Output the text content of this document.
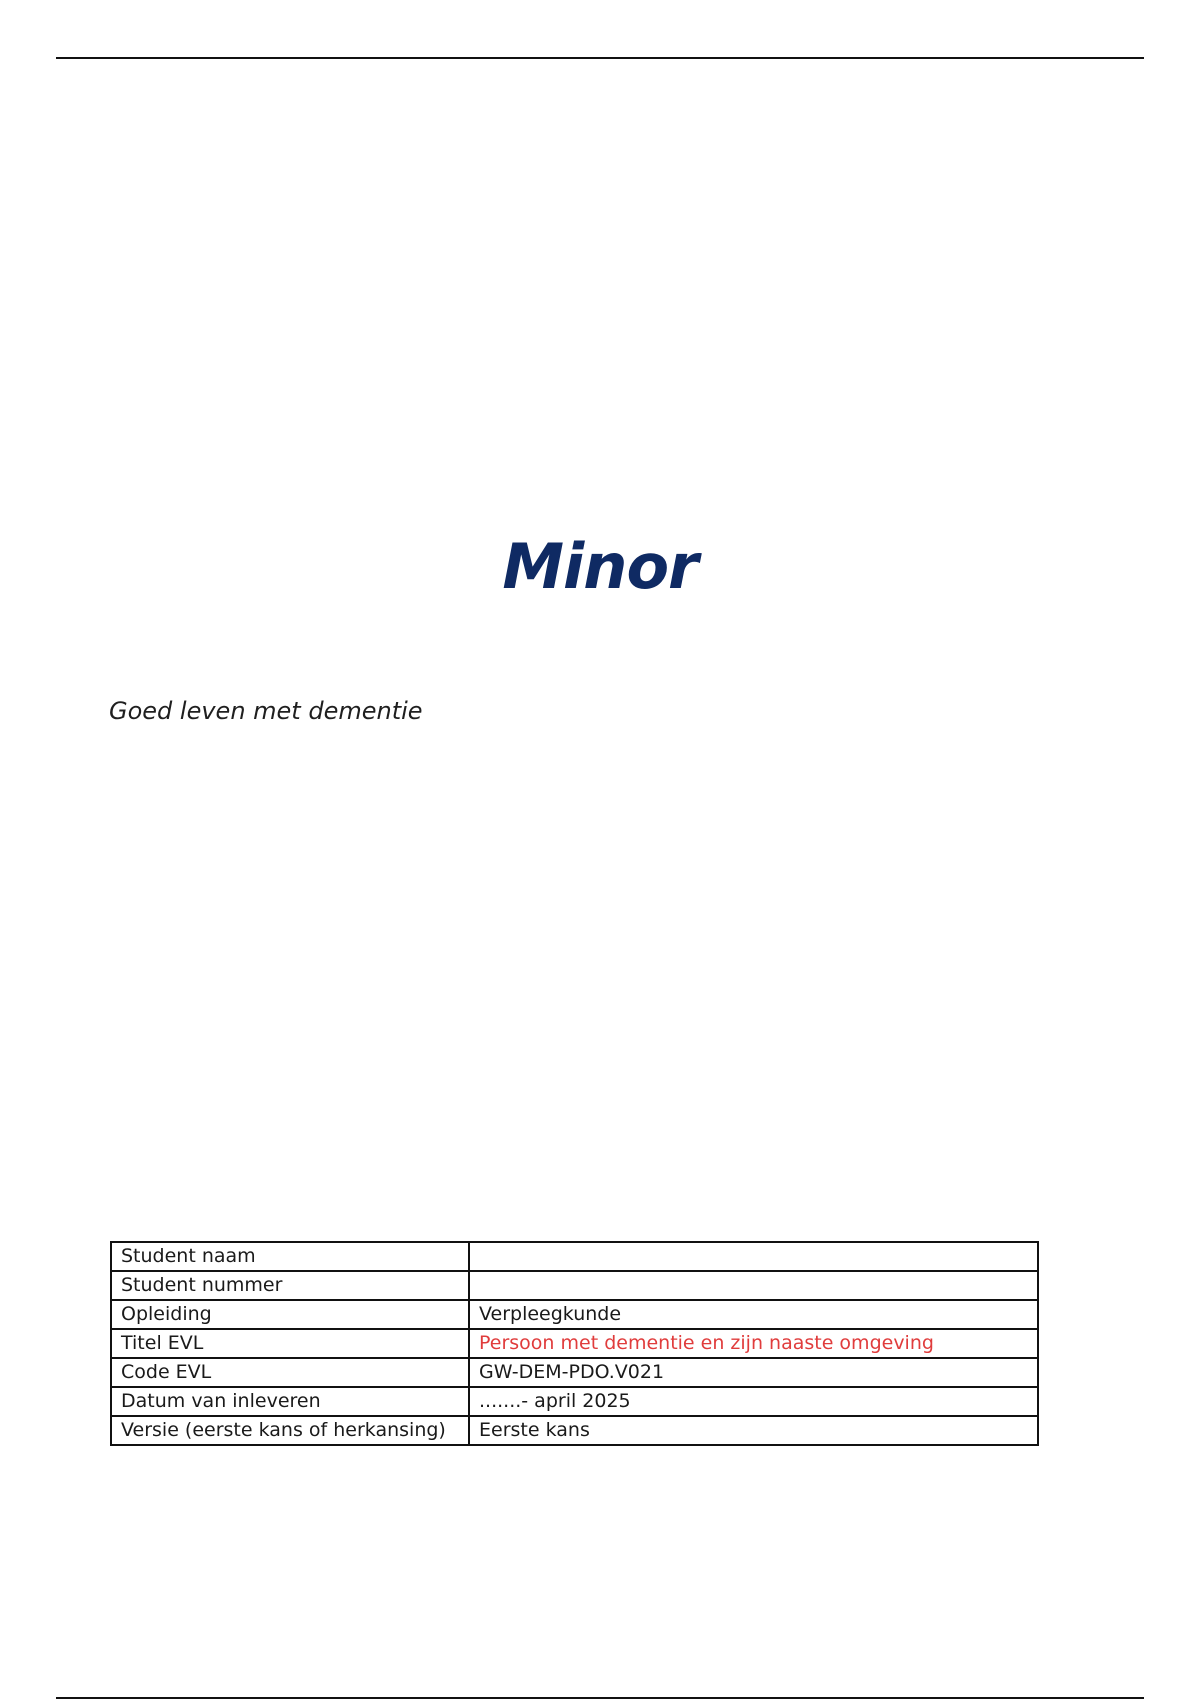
Minor
Goed leven met dementie
Student naam	
Student nummer	
Opleiding	Verpleegkunde
Titel EVL	Persoon met dementie en zijn naaste omgeving
Code EVL	GW-DEM-PDO.V021
Datum van inleveren	.......- april 2025
Versie (eerste kans of herkansing)	Eerste kans
